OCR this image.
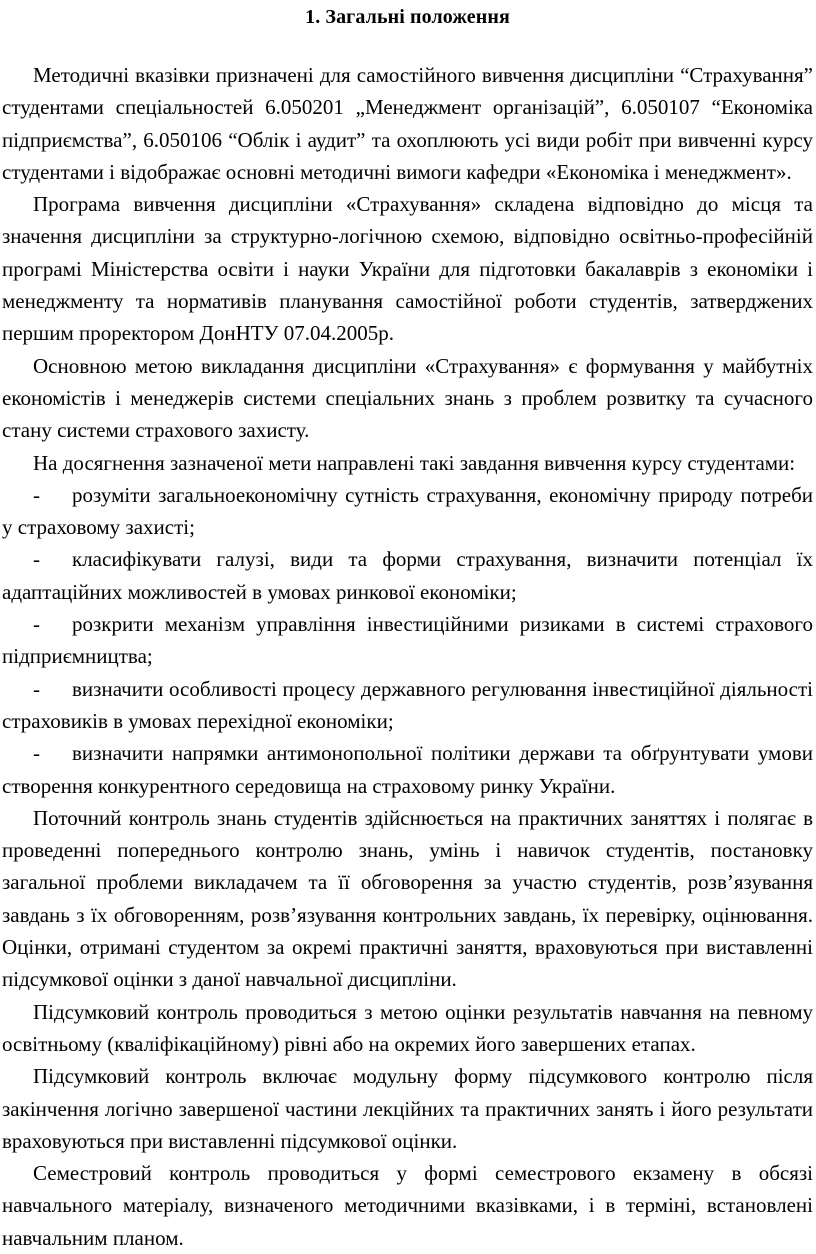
1. Загальні положення

Методичні вказівки призначені для самостійного вивчення дисципліни “Страхування” студентами спеціальностей 6.050201 „Менеджмент організацій”, 6.050107 “Економіка підприємства”, 6.050106 “Облік і аудит” та охоплюють усі види робіт при вивченні курсу студентами і відображає основні методичні вимоги кафедри «Економіка і менеджмент».

Програма вивчення дисципліни «Страхування» складена відповідно до місця та значення дисципліни за структурно-логічною схемою, відповідно освітньо-професійній програмі Міністерства освіти і науки України для підготовки бакалаврів з економіки і менеджменту та нормативів планування самостійної роботи студентів, затверджених першим проректором ДонНТУ 07.04.2005р.

Основною метою викладання дисципліни «Страхування» є формування у майбутніх економістів і менеджерів системи спеціальних знань з проблем розвитку та сучасного стану системи страхового захисту.

На досягнення зазначеної мети направлені такі завдання вивчення курсу студентами:

- розуміти загальноекономічну сутність страхування, економічну природу потреби у страховому захисті;

- класифікувати галузі, види та форми страхування, визначити потенціал їх адаптаційних можливостей в умовах ринкової економіки;

- розкрити механізм управління інвестиційними ризиками в системі страхового підприємництва;

- визначити особливості процесу державного регулювання інвестиційної діяльності страховиків в умовах перехідної економіки;

- визначити напрямки антимонопольної політики держави та обґрунтувати умови створення конкурентного середовища на страховому ринку України.

Поточний контроль знань студентів здійснюється на практичних заняттях і полягає в проведенні попереднього контролю знань, умінь і навичок студентів, постановку загальної проблеми викладачем та її обговорення за участю студентів, розв’язування завдань з їх обговоренням, розв’язування контрольних завдань, їх перевірку, оцінювання. Оцінки, отримані студентом за окремі практичні заняття, враховуються при виставленні підсумкової оцінки з даної навчальної дисципліни.

Підсумковий контроль проводиться з метою оцінки результатів навчання на певному освітньому (кваліфікаційному) рівні або на окремих його завершених етапах.

Підсумковий контроль включає модульну форму підсумкового контролю після закінчення логічно завершеної частини лекційних та практичних занять і його результати враховуються при виставленні підсумкової оцінки.

Семестровий контроль проводиться у формі семестрового екзамену в обсязі навчального матеріалу, визначеного методичними вказівками, і в терміні, встановлені навчальним планом.
